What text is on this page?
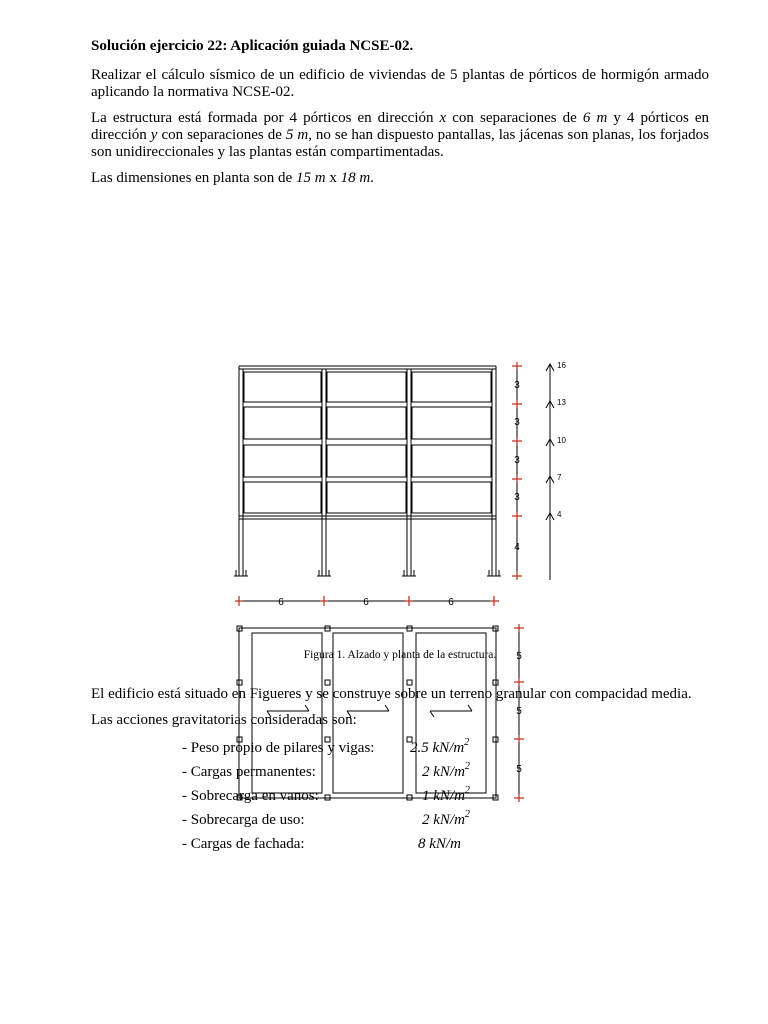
Solución ejercicio 22: Aplicación guiada NCSE-02.

Realizar el cálculo sísmico de un edificio de viviendas de 5 plantas de pórticos de hormigón armado aplicando la normativa NCSE-02.

La estructura está formada por 4 pórticos en dirección x con separaciones de 6 m y 4 pórticos en dirección y con separaciones de 5 m, no se han dispuesto pantallas, las jácenas son planas, los forjados son unidireccionales y las plantas están compartimentadas.

Las dimensiones en planta son de 15 m x 18 m.

3
3
3
3
4
16
13
10
7
4
6	6	6
5
5
5
Figura 1. Alzado y planta de la estructura.

El edificio está situado en Figueres y se construye sobre un terreno granular con compacidad media.

Las acciones gravitatorias consideradas son:

- Peso propio de pilares y vigas: 2.5 $kN/m^2$
- Cargas permanentes:	2 $kN/m^2$
- Sobrecarga en vanos:	1 $kN/m^2$
- Sobrecarga de uso:	2 $kN/m^2$
- Cargas de fachada:	8 kN/m
